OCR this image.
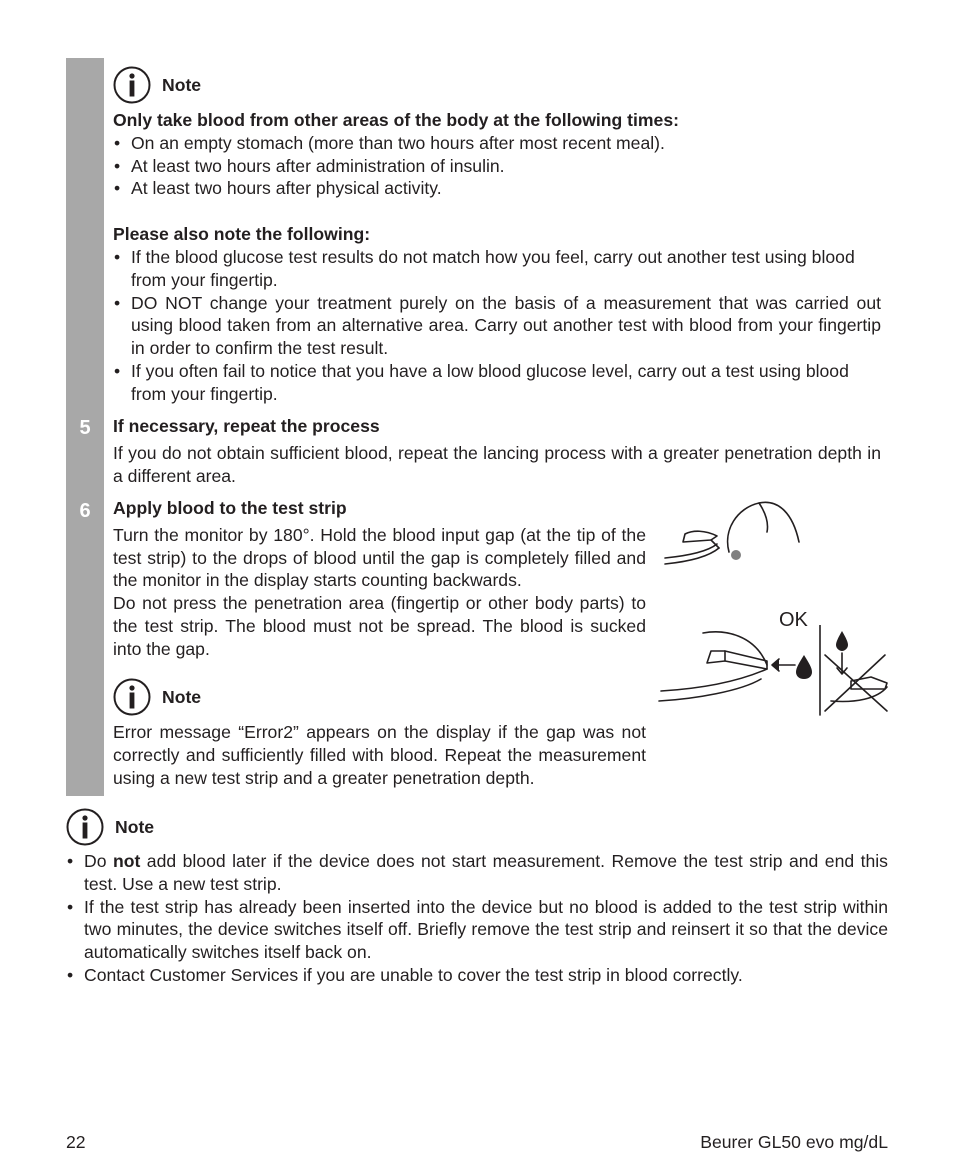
5
6
Note

Only take blood from other areas of the body at the following times:

• On an empty stomach (more than two hours after most recent meal).
• At least two hours after administration of insulin.
• At least two hours after physical activity.

Please also note the following:

• If the blood glucose test results do not match how you feel, carry out another test using blood from your fingertip.
• DO NOT change your treatment purely on the basis of a measurement that was carried out using blood taken from an alternative area. Carry out another test with blood from your fingertip in order to confirm the test result.
• If you often fail to notice that you have a low blood glucose level, carry out a test using blood from your fingertip.

If necessary, repeat the process

If you do not obtain sufficient blood, repeat the lancing process with a greater penetration depth in a different area.

Apply blood to the test strip

Turn the monitor by 180°. Hold the blood input gap (at the tip of the test strip) to the drops of blood until the gap is completely filled and the monitor in the display starts counting backwards.

Do not press the penetration area (fingertip or other body parts) to the test strip. The blood must not be spread. The blood is sucked into the gap.

Note
Error message “Error2” appears on the display if the gap was not correctly and sufficiently filled with blood. Repeat the measurement using a new test strip and a greater penetration depth.
OK
Note
• Do not add blood later if the device does not start measurement. Remove the test strip and end this test. Use a new test strip.
• If the test strip has already been inserted into the device but no blood is added to the test strip within two minutes, the device switches itself off. Briefly remove the test strip and reinsert it so that the device automatically switches itself back on.
• Contact Customer Services if you are unable to cover the test strip in blood correctly.
22	Beurer GL50 evo mg/dL
